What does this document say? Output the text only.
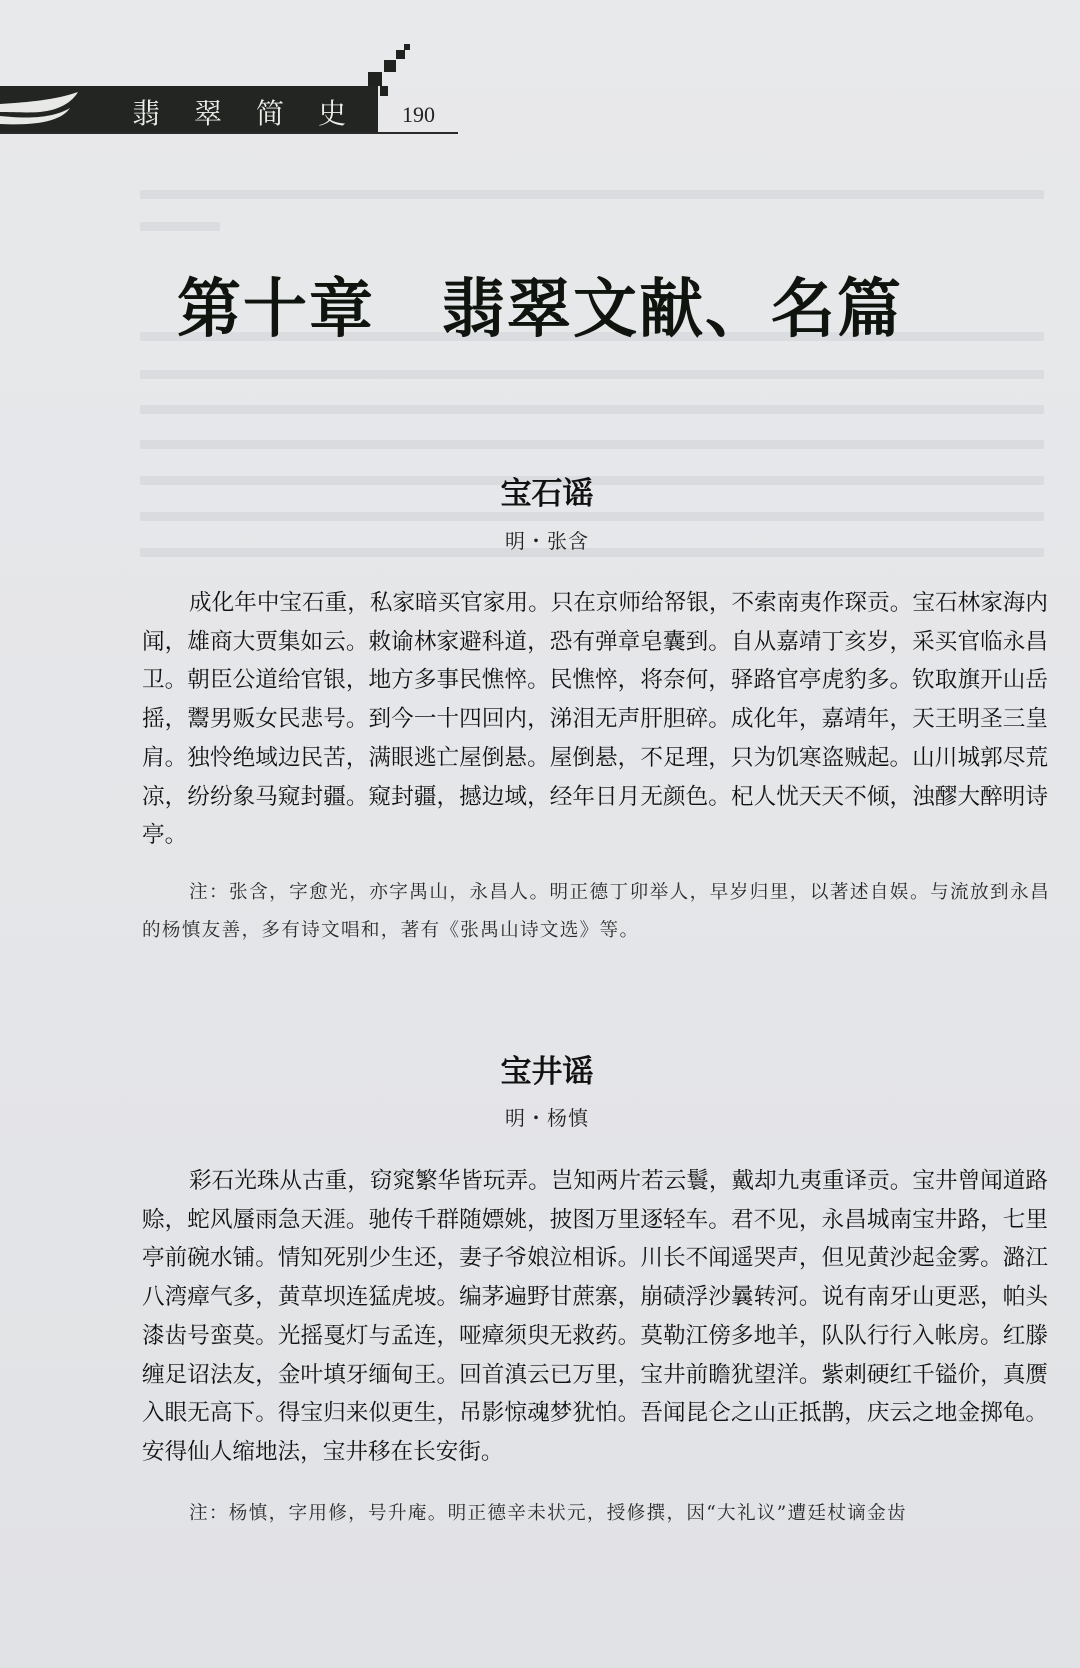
翡翠简史 190
第十章　翡翠文献、名篇
宝石谣
明・张含

成化年中宝石重，私家暗买官家用。只在京师给帑银，不索南夷作琛贡。宝石林家海内闻，雄商大贾集如云。敕谕林家避科道，恐有弹章皂囊到。自从嘉靖丁亥岁，采买官临永昌卫。朝臣公道给官银，地方多事民憔悴。民憔悴，将奈何，驿路官亭虎豹多。钦取旗开山岳摇，鬻男贩女民悲号。到今一十四回内，涕泪无声肝胆碎。成化年，嘉靖年，天王明圣三皇肩。独怜绝域边民苦，满眼逃亡屋倒悬。屋倒悬，不足理，只为饥寒盗贼起。山川城郭尽荒凉，纷纷象马窥封疆。窥封疆，撼边域，经年日月无颜色。杞人忧天天不倾，浊醪大醉明诗亭。

注：张含，字愈光，亦字禺山，永昌人。明正德丁卯举人，早岁归里，以著述自娱。与流放到永昌的杨慎友善，多有诗文唱和，著有《张禺山诗文选》等。

宝井谣
明・杨慎

彩石光珠从古重，窃窕繁华皆玩弄。岂知两片若云鬟，戴却九夷重译贡。宝井曾闻道路赊，蛇风蜃雨急天涯。驰传千群随嫖姚，披图万里逐轻车。君不见，永昌城南宝井路，七里亭前碗水铺。情知死别少生还，妻子爷娘泣相诉。川长不闻遥哭声，但见黄沙起金雾。潞江八湾瘴气多，黄草坝连猛虎坡。编茅遍野甘蔗寨，崩碛浮沙曩转河。说有南牙山更恶，帕头漆齿号蛮莫。光摇戛灯与孟连，哑瘴须臾无救药。莫勒江傍多地羊，队队行行入帐房。红滕缠足诏法友，金叶填牙缅甸王。回首滇云已万里，宝井前瞻犹望洋。紫刺硬红千镒价，真赝入眼无高下。得宝归来似更生，吊影惊魂梦犹怕。吾闻昆仑之山正抵鹊，庆云之地金掷龟。安得仙人缩地法，宝井移在长安街。

注：杨慎，字用修，号升庵。明正德辛未状元，授修撰，因“大礼议”遭廷杖谪金齿
